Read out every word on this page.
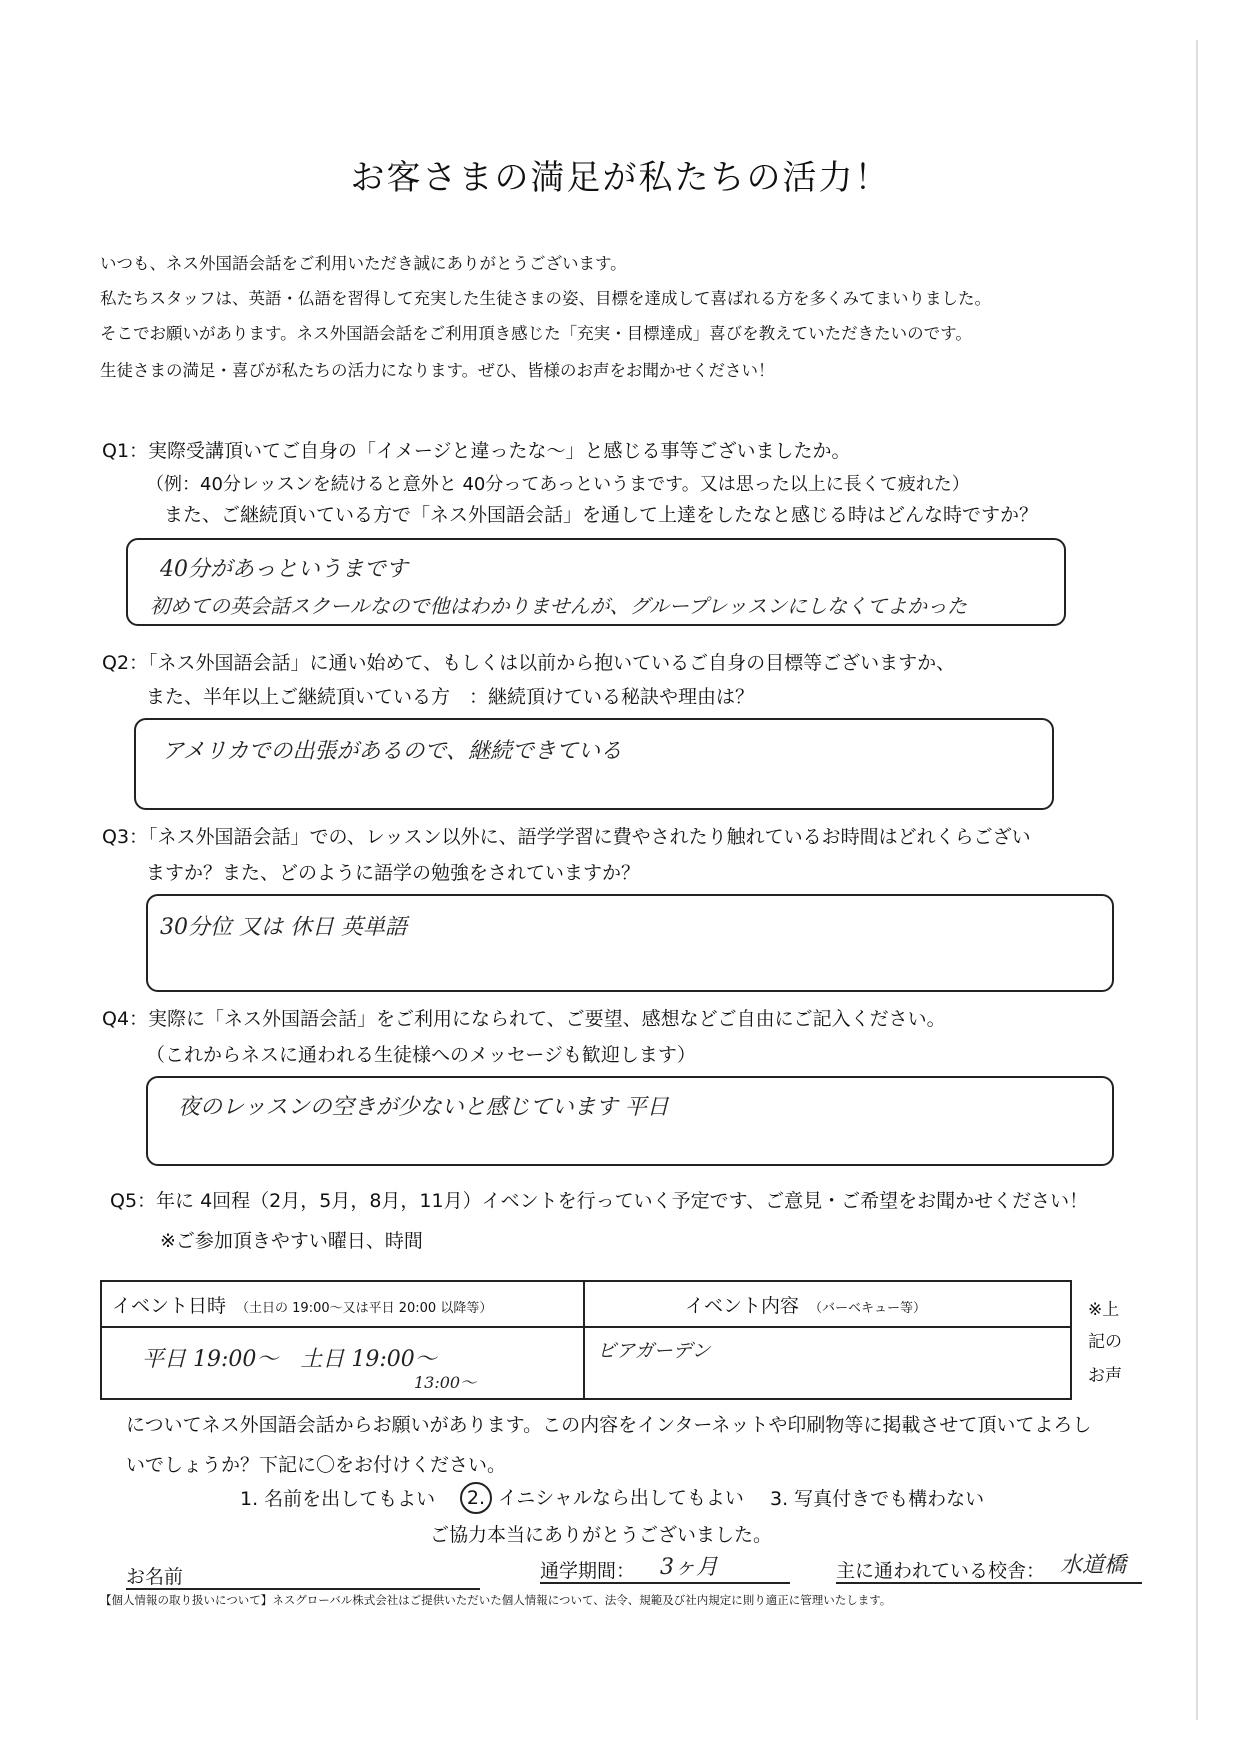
お客さまの満足が私たちの活力！
いつも、ネス外国語会話をご利用いただき誠にありがとうございます。
私たちスタッフは、英語・仏語を習得して充実した生徒さまの姿、目標を達成して喜ばれる方を多くみてまいりました。
そこでお願いがあります。ネス外国語会話をご利用頂き感じた「充実・目標達成」喜びを教えていただきたいのです。
生徒さまの満足・喜びが私たちの活力になります。ぜひ、皆様のお声をお聞かせください！
Q1：実際受講頂いてご自身の「イメージと違ったな～」と感じる事等ございましたか。
（例：40分レッスンを続けると意外と 40分ってあっというまです。又は思った以上に長くて疲れた）
また、ご継続頂いている方で「ネス外国語会話」を通して上達をしたなと感じる時はどんな時ですか？
40分があっというまです
初めての英会話スクールなので他はわかりませんが、グループレッスンにしなくてよかった
Q2：「ネス外国語会話」に通い始めて、もしくは以前から抱いているご自身の目標等ございますか、
また、半年以上ご継続頂いている方　：継続頂けている秘訣や理由は？
アメリカでの出張があるので、継続できている
Q3：「ネス外国語会話」での、レッスン以外に、語学学習に費やされたり触れているお時間はどれくらござい
ますか？また、どのように語学の勉強をされていますか？
30分位 又は 休日 英単語
Q4：実際に「ネス外国語会話」をご利用になられて、ご要望、感想などご自由にご記入ください。
（これからネスに通われる生徒様へのメッセージも歓迎します）
夜のレッスンの空きが少ないと感じています 平日
Q5：年に 4回程（2月，5月，8月，11月）イベントを行っていく予定です、ご意見・ご希望をお聞かせください！
※ご参加頂きやすい曜日、時間
イベント日時 （土日の 19:00～又は平日 20:00 以降等）	イベント内容 （バーベキュー等）

平日 19:00～　土日 19:00～
13:00～	ビアガーデン
※上
記の
お声
についてネス外国語会話からお願いがあります。この内容をインターネットや印刷物等に掲載させて頂いてよろし
いでしょうか？下記に〇をお付けください。
1. 名前を出してもよい	2. イニシャルなら出してもよい 3. 写真付きでも構わない
ご協力本当にありがとうございました。
お名前	通学期間： 3ヶ月	主に通われている校舎： 水道橋
【個人情報の取り扱いについて】ネスグローバル株式会社はご提供いただいた個人情報について、法令、規範及び社内規定に則り適正に管理いたします。
